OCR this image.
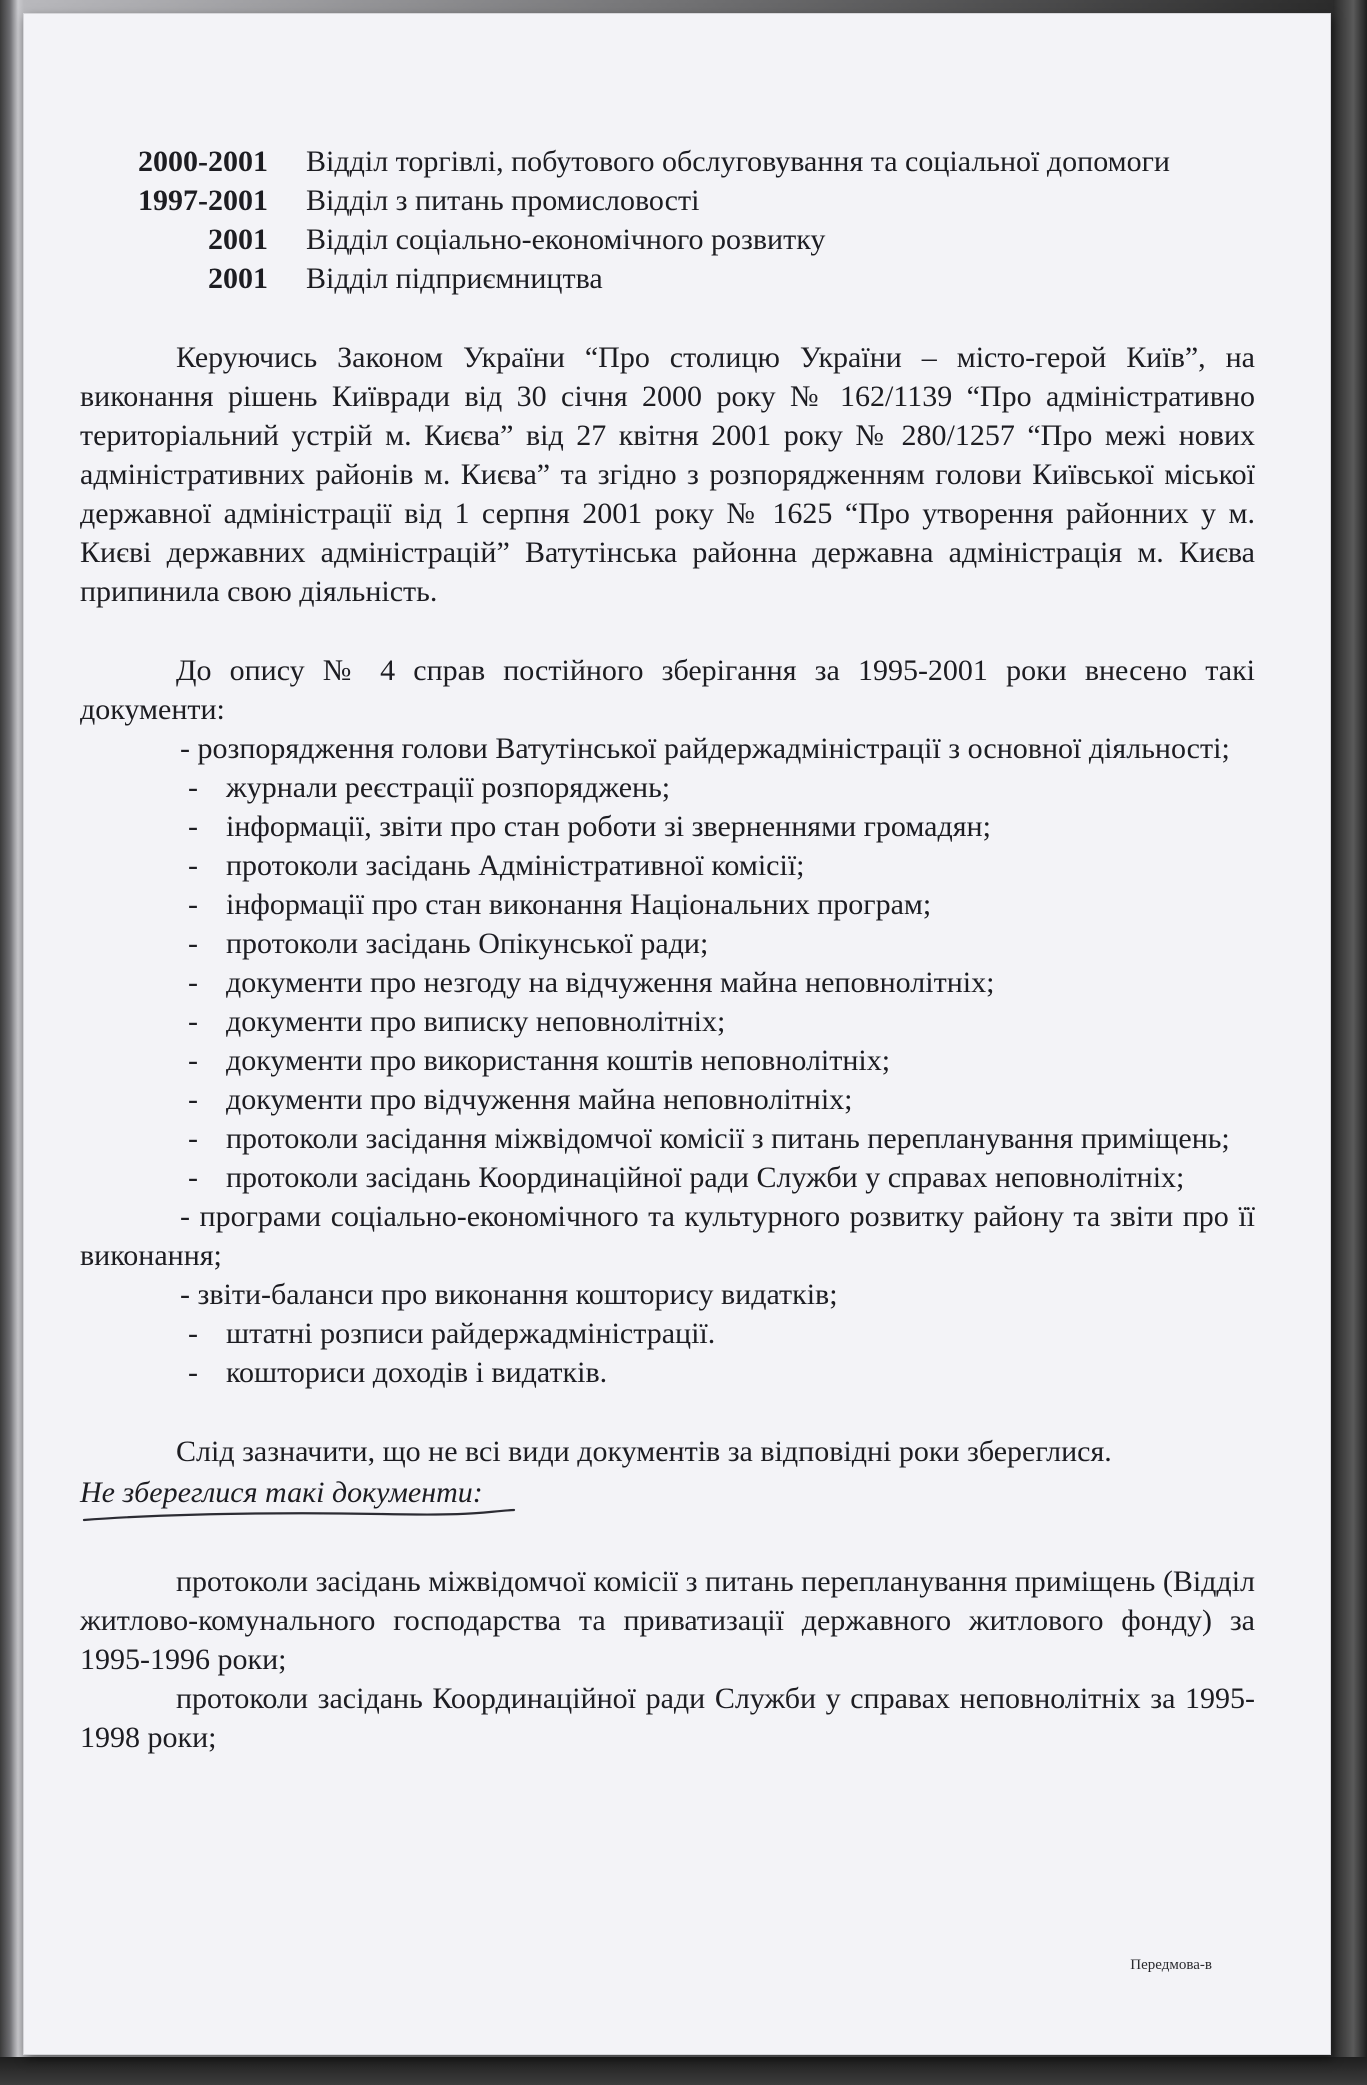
2000-2001 Відділ торгівлі, побутового обслуговування та соціальної допомоги
1997-2001 Відділ з питань промисловості
2001 Відділ соціально-економічного розвитку
2001 Відділ підприємництва

Керуючись Законом України “Про столицю України – місто-герой Київ”, на виконання рішень Київради від 30 січня 2000 року № 162/1139 “Про адміністративно територіальний устрій м. Києва” від 27 квітня 2001 року № 280/1257 “Про межі нових адміністративних районів м. Києва” та згідно з розпорядженням голови Київської міської державної адміністрації від 1 серпня 2001 року № 1625 “Про утворення районних у м. Києві державних адміністрацій” Ватутінська районна державна адміністрація м. Києва припинила свою діяльність.

До опису № 4 справ постійного зберігання за 1995-2001 роки внесено такі документи:

- розпорядження голови Ватутінської райдержадміністрації з основної діяльності;

- журнали реєстрації розпоряджень;
- інформації, звіти про стан роботи зі зверненнями громадян;
- протоколи засідань Адміністративної комісії;
- інформації про стан виконання Національних програм;
- протоколи засідань Опікунської ради;
- документи про незгоду на відчуження майна неповнолітніх;
- документи про виписку неповнолітніх;
- документи про використання коштів неповнолітніх;
- документи про відчуження майна неповнолітніх;
- протоколи засідання міжвідомчої комісії з питань перепланування приміщень;
- протоколи засідань Координаційної ради Служби у справах неповнолітніх;

- програми соціально-економічного та культурного розвитку району та звіти про її виконання;

- звіти-баланси про виконання кошторису видатків;

- штатні розписи райдержадміністрації.
- кошториси доходів і видатків.

Слід зазначити, що не всі види документів за відповідні роки збереглися.

Не збереглися такі документи:

протоколи засідань міжвідомчої комісії з питань перепланування приміщень (Відділ житлово-комунального господарства та приватизації державного житлового фонду) за 1995-1996 роки;

протоколи засідань Координаційної ради Служби у справах неповнолітніх за 1995-1998 роки;

Передмова-в
